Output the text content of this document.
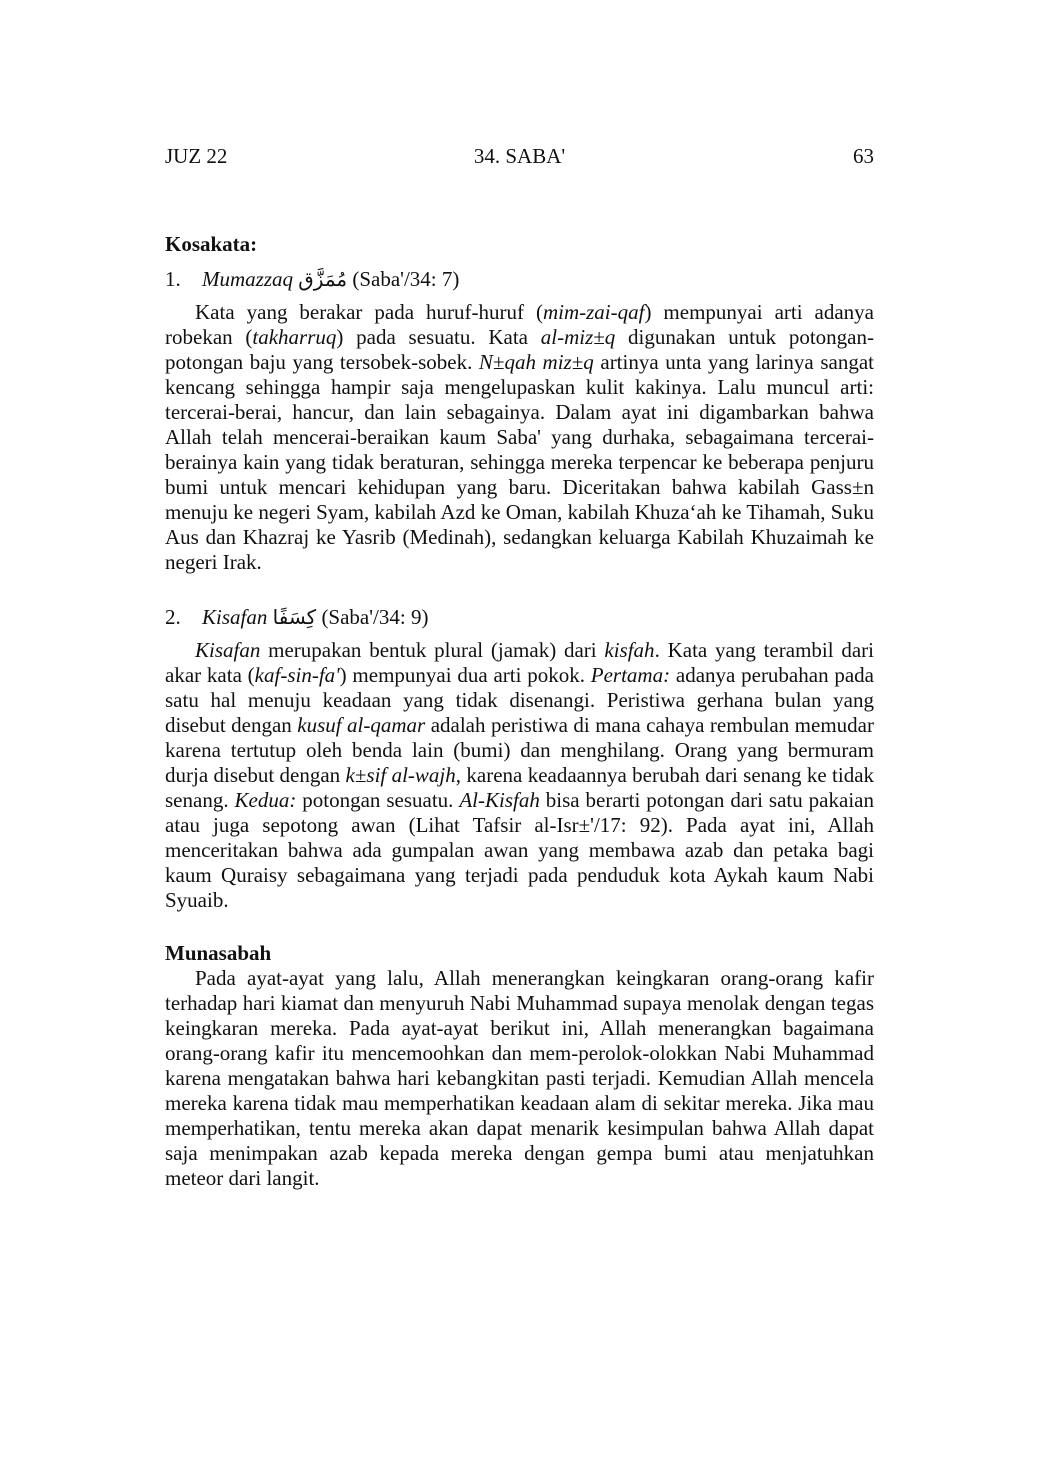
JUZ 22	34. SABA'	63
Kosakata:
1. Mumazzaq مُمَزَّق (Saba'/34: 7)

Kata yang berakar pada huruf-huruf (mim-zai-qaf) mempunyai arti adanya robekan (takharruq) pada sesuatu. Kata al-miz±q digunakan untuk potongan-potongan baju yang tersobek-sobek. N±qah miz±q artinya unta yang larinya sangat kencang sehingga hampir saja mengelupaskan kulit kakinya. Lalu muncul arti: tercerai-berai, hancur, dan lain sebagainya. Dalam ayat ini digambarkan bahwa Allah telah mencerai-beraikan kaum Saba' yang durhaka, sebagaimana tercerai-berainya kain yang tidak beraturan, sehingga mereka terpencar ke beberapa penjuru bumi untuk mencari kehidupan yang baru. Diceritakan bahwa kabilah Gass±n menuju ke negeri Syam, kabilah Azd ke Oman, kabilah Khuza‘ah ke Tihamah, Suku Aus dan Khazraj ke Yasrib (Medinah), sedangkan keluarga Kabilah Khuzaimah ke negeri Irak.

2. Kisafan كِسَفًا (Saba'/34: 9)

Kisafan merupakan bentuk plural (jamak) dari kisfah. Kata yang terambil dari akar kata (kaf-sin-fa') mempunyai dua arti pokok. Pertama: adanya perubahan pada satu hal menuju keadaan yang tidak disenangi. Peristiwa gerhana bulan yang disebut dengan kusuf al-qamar adalah peristiwa di mana cahaya rembulan memudar karena tertutup oleh benda lain (bumi) dan menghilang. Orang yang bermuram durja disebut dengan k±sif al-wajh, karena keadaannya berubah dari senang ke tidak senang. Kedua: potongan sesuatu. Al-Kisfah bisa berarti potongan dari satu pakaian atau juga sepotong awan (Lihat Tafsir al-Isr±'/17: 92). Pada ayat ini, Allah menceritakan bahwa ada gumpalan awan yang membawa azab dan petaka bagi kaum Quraisy sebagaimana yang terjadi pada penduduk kota Aykah kaum Nabi Syuaib.

Munasabah

Pada ayat-ayat yang lalu, Allah menerangkan keingkaran orang-orang kafir terhadap hari kiamat dan menyuruh Nabi Muhammad supaya menolak dengan tegas keingkaran mereka. Pada ayat-ayat berikut ini, Allah menerangkan bagaimana orang-orang kafir itu mencemoohkan dan mem-perolok-olokkan Nabi Muhammad karena mengatakan bahwa hari kebangkitan pasti terjadi. Kemudian Allah mencela mereka karena tidak mau memperhatikan keadaan alam di sekitar mereka. Jika mau memperhatikan, tentu mereka akan dapat menarik kesimpulan bahwa Allah dapat saja menimpakan azab kepada mereka dengan gempa bumi atau menjatuhkan meteor dari langit.
